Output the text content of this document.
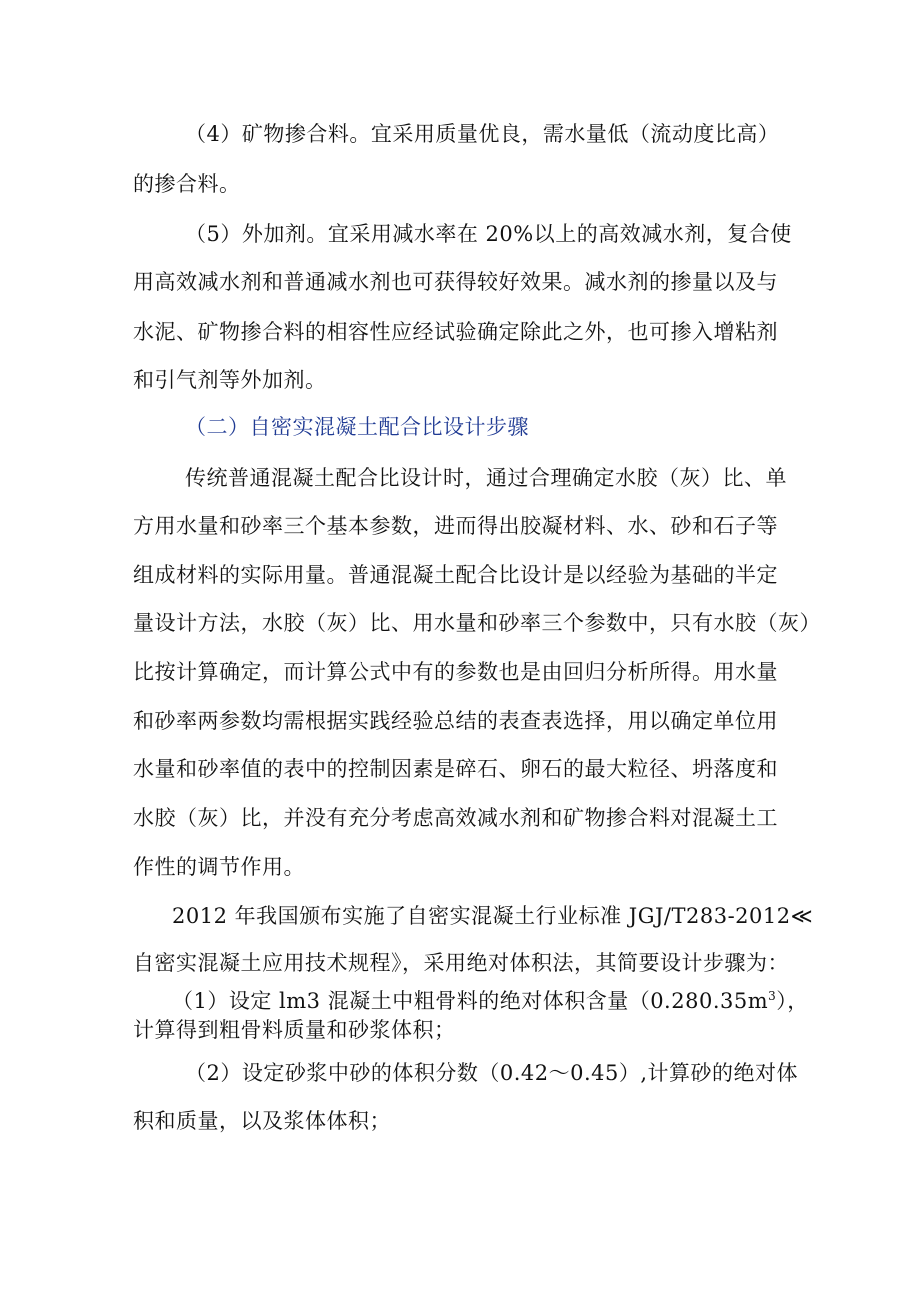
（4）矿物掺合料。宜采用质量优良，需水量低（流动度比高）
的掺合料。
（5）外加剂。宜采用减水率在 20%以上的高效减水剂，复合使
用高效减水剂和普通减水剂也可获得较好效果。减水剂的掺量以及与
水泥、矿物掺合料的相容性应经试验确定除此之外，也可掺入增粘剂
和引气剂等外加剂。
（二）自密实混凝土配合比设计步骤
传统普通混凝土配合比设计时，通过合理确定水胶（灰）比、单
方用水量和砂率三个基本参数，进而得出胶凝材料、水、砂和石子等
组成材料的实际用量。普通混凝土配合比设计是以经验为基础的半定
量设计方法，水胶（灰）比、用水量和砂率三个参数中，只有水胶（灰）
比按计算确定，而计算公式中有的参数也是由回归分析所得。用水量
和砂率两参数均需根据实践经验总结的表查表选择，用以确定单位用
水量和砂率值的表中的控制因素是碎石、卵石的最大粒径、坍落度和
水胶（灰）比，并没有充分考虑高效减水剂和矿物掺合料对混凝土工
作性的调节作用。
2012 年我国颁布实施了自密实混凝土行业标准 JGJ/T283-2012≪
自密实混凝土应用技术规程》，采用绝对体积法，其简要设计步骤为：
（1）设定 lm3 混凝土中粗骨料的绝对体积含量$(0.280.35m^3)$，
计算得到粗骨料质量和砂浆体积；
（2）设定砂浆中砂的体积分数（0.42～0.45）,计算砂的绝对体
积和质量，以及浆体体积；
